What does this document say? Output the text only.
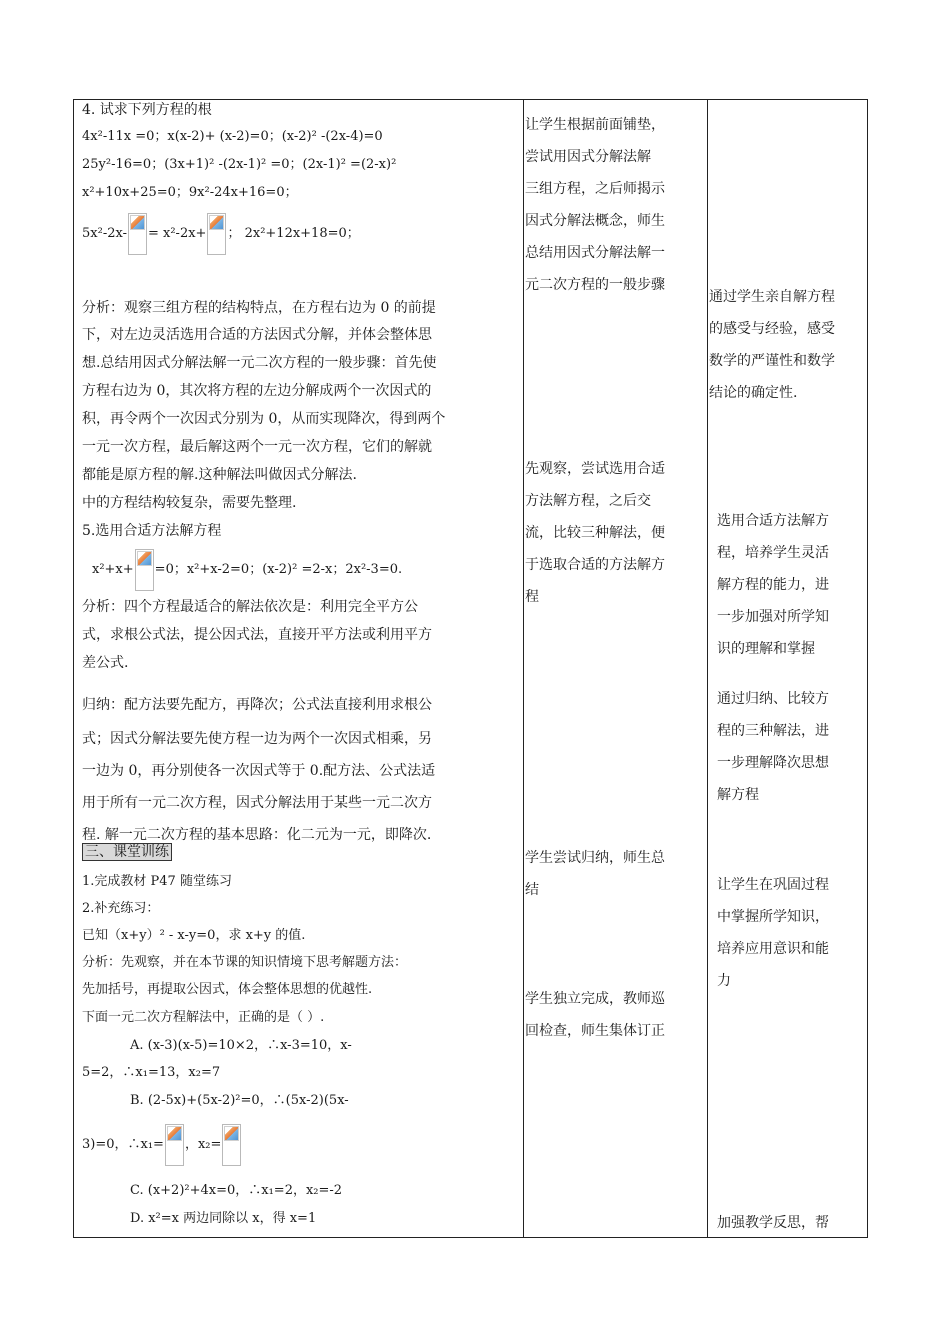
4. 试求下列方程的根
4x²-11x =0；x(x-2)+ (x-2)=0；(x-2)² -(2x-4)=0
25y²-16=0；(3x+1)² -(2x-1)² =0；(2x-1)² =(2-x)²
x²+10x+25=0；9x²-24x+16=0；
5x²-2x- = x²-2x+ ； 2x²+12x+18=0；
分析：观察三组方程的结构特点，在方程右边为 0 的前提
下，对左边灵活选用合适的方法因式分解，并体会整体思
想.总结用因式分解法解一元二次方程的一般步骤：首先使
方程右边为 0，其次将方程的左边分解成两个一次因式的
积，再令两个一次因式分别为 0，从而实现降次，得到两个
一元一次方程，最后解这两个一元一次方程，它们的解就
都能是原方程的解.这种解法叫做因式分解法.
中的方程结构较复杂，需要先整理.
5.选用合适方法解方程
x²+x+ =0；x²+x-2=0；(x-2)² =2-x；2x²-3=0.
分析：四个方程最适合的解法依次是：利用完全平方公
式，求根公式法，提公因式法，直接开平方法或利用平方
差公式.
归纳：配方法要先配方，再降次；公式法直接利用求根公
式；因式分解法要先使方程一边为两个一次因式相乘，另
一边为 0，再分别使各一次因式等于 0.配方法、公式法适
用于所有一元二次方程，因式分解法用于某些一元二次方
程. 解一元二次方程的基本思路：化二元为一元，即降次.
三、课堂训练
1.完成教材 P47 随堂练习
2.补充练习：
已知（x+y）² - x-y=0，求 x+y 的值.
分析：先观察，并在本节课的知识情境下思考解题方法：
先加括号，再提取公因式，体会整体思想的优越性.
下面一元二次方程解法中，正确的是（ ）.
A. (x-3)(x-5)=10×2，∴x-3=10，x-
5=2，∴x₁=13，x₂=7
B. (2-5x)+(5x-2)²=0，∴(5x-2)(5x-
3)=0，∴x₁= ，x₂=
C. (x+2)²+4x=0，∴x₁=2，x₂=-2
D. x²=x 两边同除以 x，得 x=1
让学生根据前面铺垫，
尝试用因式分解法解
三组方程，之后师揭示
因式分解法概念，师生
总结用因式分解法解一
元二次方程的一般步骤
先观察，尝试选用合适
方法解方程，之后交
流，比较三种解法，便
于选取合适的方法解方
程
学生尝试归纳，师生总
结
学生独立完成，教师巡
回检查，师生集体订正
通过学生亲自解方程
的感受与经验，感受
数学的严谨性和数学
结论的确定性.
选用合适方法解方
程，培养学生灵活
解方程的能力，进
一步加强对所学知
识的理解和掌握
通过归纳、比较方
程的三种解法，进
一步理解降次思想
解方程
让学生在巩固过程
中掌握所学知识，
培养应用意识和能
力
加强教学反思，帮
